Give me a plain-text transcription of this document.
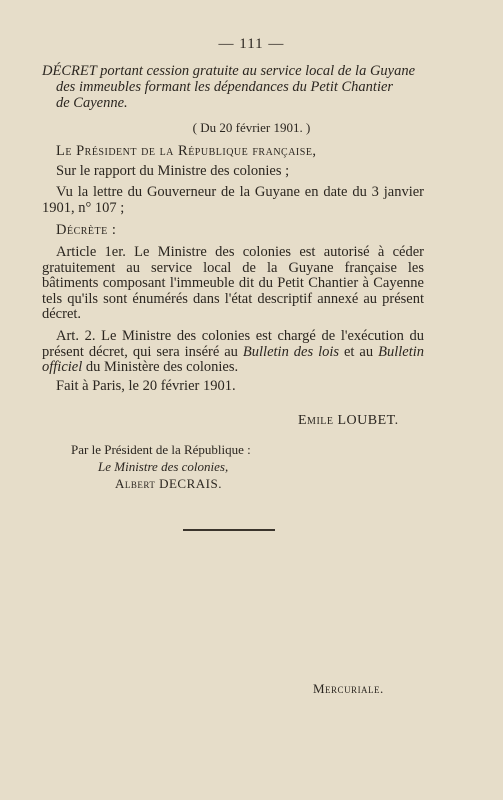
— 111 —
DÉCRET portant cession gratuite au service local de la Guyane
des immeubles formant les dépendances du Petit Chantier
de Cayenne.
( Du 20 février 1901. )
Le Président de la République française,
Sur le rapport du Ministre des colonies ;
Vu la lettre du Gouverneur de la Guyane en date du 3 janvier 1901, n° 107 ;
Décrète :
Article 1er. Le Ministre des colonies est autorisé à céder gratuitement au service local de la Guyane française les bâtiments composant l'immeuble dit du Petit Chantier à Cayenne tels qu'ils sont énumérés dans l'état descriptif annexé au présent décret.
Art. 2. Le Ministre des colonies est chargé de l'exécution du présent décret, qui sera inséré au Bulletin des lois et au Bulletin officiel du Ministère des colonies.
Fait à Paris, le 20 février 1901.
Emile LOUBET.
Par le Président de la République :
Le Ministre des colonies,
Albert DECRAIS.
Mercuriale.
